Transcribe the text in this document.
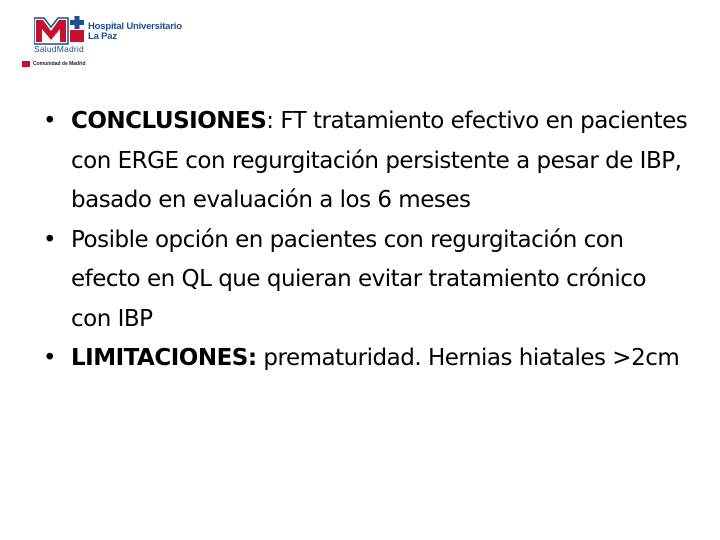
Hospital Universitario
La Paz
SaludMadrid
Comunidad de Madrid
• CONCLUSIONES: FT tratamiento efectivo en pacientes con ERGE con regurgitación persistente a pesar de IBP, basado en evaluación a los 6 meses
• Posible opción en pacientes con regurgitación con efecto en QL que quieran evitar tratamiento crónico con IBP
• LIMITACIONES: prematuridad. Hernias hiatales >2cm
